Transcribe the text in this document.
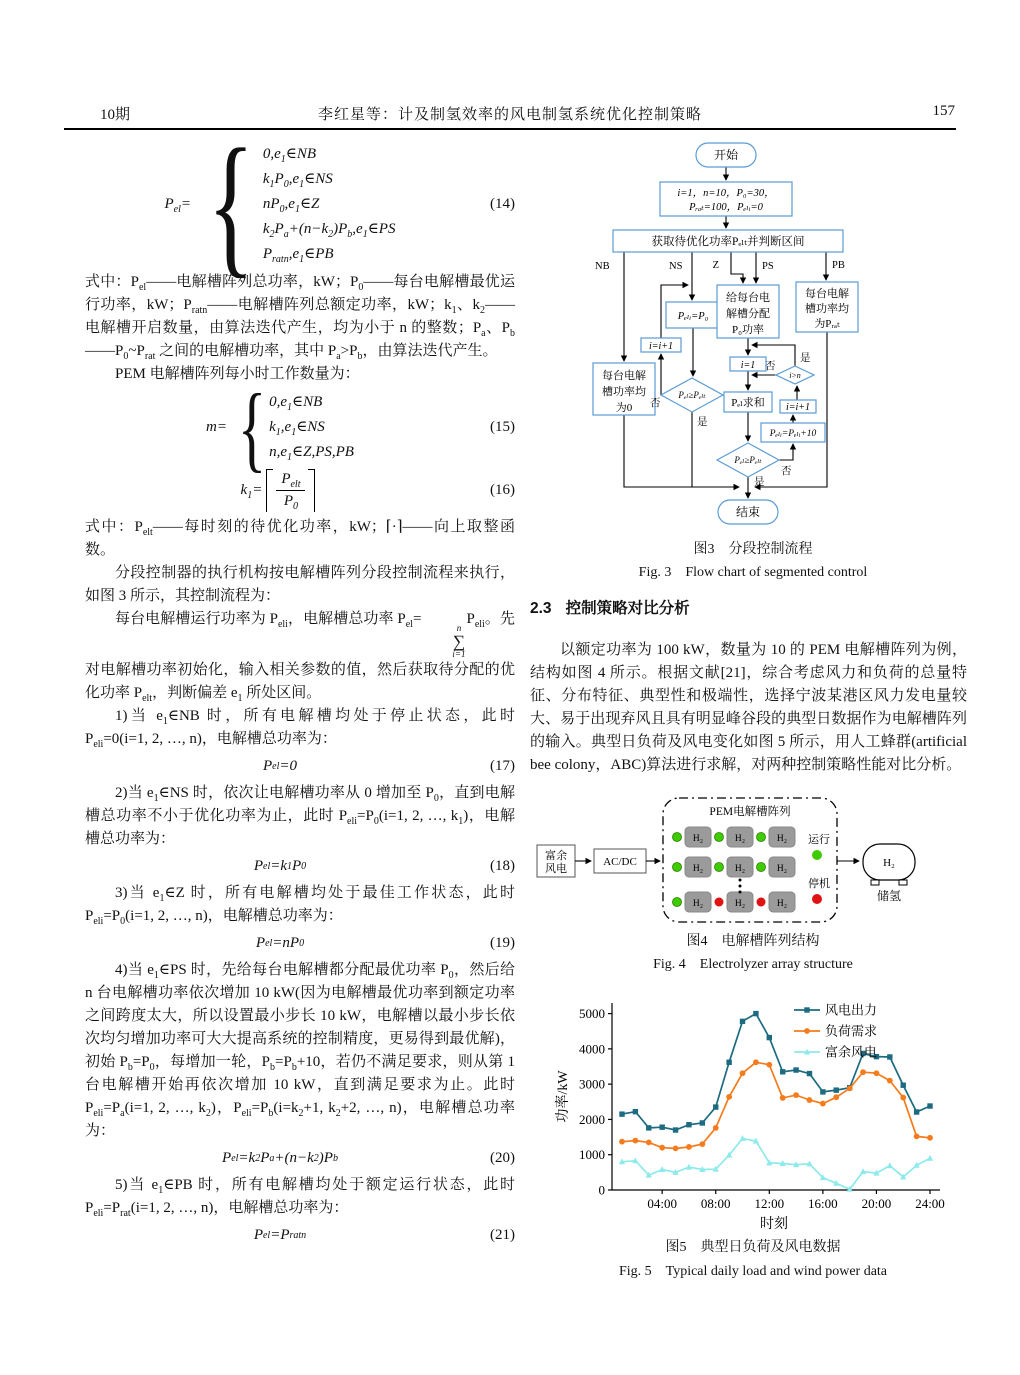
10期	李红星等：计及制氢效率的风电制氢系统优化控制策略	157
$P_{el}=$ { $0,e_1\in NB$
$k_1P_0,e_1\in NS$
$nP_0,e_1\in Z$
$k_2P_a+(n-k_2)P_b,e_1\in PS$
$P_{ratn},e_1\in PB$
(14)

式中：$P_{el}——$电解槽阵列总功率，kW；$P_0——$每台电解槽最优运行功率，kW；$P_{ratn}——$电解槽阵列总额定功率，kW；$k_1$、$k_2——$电解槽开启数量，由算法迭代产生，均为小于 n 的整数；$P_a$、$P_b——P_0\sim P_{rat}$ 之间的电解槽功率，其中 $P_a>P_b$，由算法迭代产生。

PEM 电解槽阵列每小时工作数量为：

m= { $0,e_1\in NB$
$k_1,e_1\in NS$
$n,e_1\in Z,PS,PB$
(15)
$k_1= \frac{P_{elt}}{P_0}$	(16)

式中：$P_{elt}——$每时刻的待优化功率，kW；⌈·⌉——向上取整函数。

分段控制器的执行机构按电解槽阵列分段控制流程来执行，如图 3 所示，其控制流程为：

每台电解槽运行功率为 $P_{eli}$，电解槽总功率 $P_{el}=$
n
∑
i=1
$P_{eli}$。先对电解槽功率初始化，输入相关参数的值，然后获取待分配的优化功率 $P_{elt}$，判断偏差 $e_1$ 所处区间。

1)当 $e_1\in NB$ 时，所有电解槽均处于停止状态，此时 $P_{eli}=0(i=1$, 2, …, n)，电解槽总功率为：

P el =0	(17)

2)当 $e_1\in NS$ 时，依次让电解槽功率从 0 增加至 $P_0$，直到电解槽总功率不小于优化功率为止，此时 $P_{eli}=P_0(i=1$, 2, …, $k_1$)，电解槽总功率为：

P el =k 1 P 0	(18)

3)当 $e_1\in Z$ 时，所有电解槽均处于最佳工作状态，此时 $P_{eli}=P_0(i=1$, 2, …, n)，电解槽总功率为：

P el =nP 0	(19)

4)当 $e_1\in PS$ 时，先给每台电解槽都分配最优功率 $P_0$，然后给 n 台电解槽功率依次增加 10 kW(因为电解槽最优功率到额定功率之间跨度太大，所以设置最小步长 10 kW，电解槽以最小步长依次均匀增加功率可大大提高系统的控制精度，更易得到最优解)，初始 $P_b=P_0$，每增加一轮，$P_b=P_b+10$，若仍不满足要求，则从第 1 台电解槽开始再依次增加 10 kW，直到满足要求为止。此时 $P_{eli}=P_a(i=1$, 2, …, $k_2$)，$P_{eli}=P_b(i=k_2+1$, $k_2+2$, …, n)，电解槽总功率为：

P el =k 2 P a +(n−k 2 )P b	(20)

5)当 $e_1\in PB$ 时，所有电解槽均处于额定运行状态，此时 $P_{eli}=P_{rat}(i=1$, 2, …, n)，电解槽总功率为：

P el =P ratn	(21)
开始
i=1，n=10，P₀=30，
Pᵣₐₜ=100，Pₑₗᵢ=0
获取待优化功率Pₑₗₜ并判断区间
NB	NS	Z	PS	PB
Pₑₗᵢ=P₀
i=i+1
每台电解
槽功率均
为0
给每台电
解槽分配
P₀功率
每台电解
槽功率均
为Pᵣₐₜ
Pₑₗ≥Pₑₗₜ
否
是
i=1
i>n
否
是
Pₑₗ求和 i=i+1
Pₑₗᵢ=Pₑₗᵢ+10
Pₑₗ≥Pₑₗₜ
否
是
结束
图3　分段控制流程
Fig. 3　Flow chart of segmented control
2.3 控制策略对比分析

以额定功率为 100 kW，数量为 10 的 PEM 电解槽阵列为例，结构如图 4 所示。根据文献[21]，综合考虑风力和负荷的总量特征、分布特征、典型性和极端性，选择宁波某港区风力发电量较大、易于出现弃风且具有明显峰谷段的典型日数据作为电解槽阵列的输入。典型日负荷及风电变化如图 5 所示，用人工蜂群(artificial bee colony，ABC)算法进行求解，对两种控制策略性能对比分析。

富余
风电
AC/DC
PEM电解槽阵列
H₂	H₂	H₂
H₂	H₂	H₂
H₂	H₂	H₂
运行
停机
H₂
储氢
图4　电解槽阵列结构
Fig. 4　Electrolyzer array structure
0
1000
2000
3000
4000
5000
04:00 08:00 12:00 16:00 20:00 24:00
时刻
功率/kW
风电出力
负荷需求
富余风电
图5　典型日负荷及风电数据
Fig. 5　Typical daily load and wind power data
